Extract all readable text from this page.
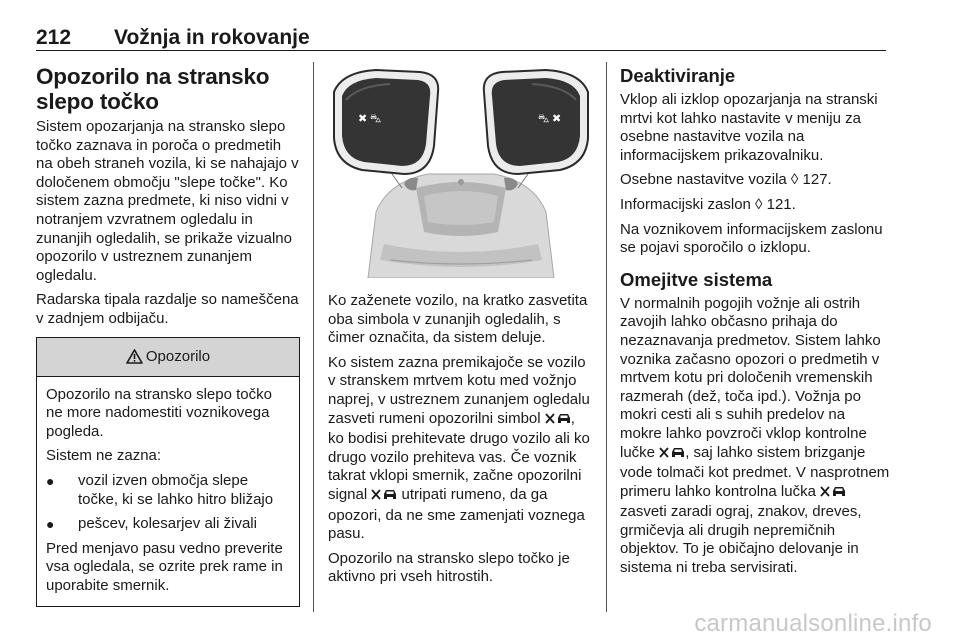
212 Vožnja in rokovanje
Opozorilo na stransko slepo točko
Sistem opozarjanja na stransko slepo točko zaznava in poroča o predmetih na obeh straneh vozila, ki se nahajajo v določenem območju "slepe točke". Ko sistem zazna predmete, ki niso vidni v notranjem vzvratnem ogledalu in zunanjih ogledalih, se prikaže vizualno opozorilo v ustreznem zunanjem ogledalu.
Radarska tipala razdalje so nameščena v zadnjem odbijaču.
Opozorilo
Opozorilo na stransko slepo točko ne more nadomestiti voznikovega pogleda.
Sistem ne zazna:
●	vozil izven območja slepe točke, ki se lahko hitro bližajo
●	pešcev, kolesarjev ali živali
Pred menjavo pasu vedno preverite vsa ogledala, se ozrite prek rame in uporabite smernik.
✖ ⛍	⛍ ✖
Ko zaženete vozilo, na kratko zasvetita oba simbola v zunanjih ogledalih, s čimer označita, da sistem deluje.
Ko sistem zazna premikajoče se vozilo v stranskem mrtvem kotu med vožnjo naprej, v ustreznem zunanjem ogledalu zasveti rumeni opozorilni simbol , ko bodisi prehitevate drugo vozilo ali ko drugo vozilo prehiteva vas. Če voznik takrat vklopi smernik, začne opozorilni signal utripati rumeno, da ga opozori, da ne sme zamenjati voznega pasu.
Opozorilo na stransko slepo točko je aktivno pri vseh hitrostih.
Deaktiviranje
Vklop ali izklop opozarjanja na stranski mrtvi kot lahko nastavite v meniju za osebne nastavitve vozila na informacijskem prikazovalniku.
Osebne nastavitve vozila ◊ 127.
Informacijski zaslon ◊ 121.
Na voznikovem informacijskem zaslonu se pojavi sporočilo o izklopu.
Omejitve sistema
V normalnih pogojih vožnje ali ostrih zavojih lahko občasno prihaja do nezaznavanja predmetov. Sistem lahko voznika začasno opozori o predmetih v mrtvem kotu pri določenih vremenskih razmerah (dež, toča ipd.). Vožnja po mokri cesti ali s suhih predelov na mokre lahko povzroči vklop kontrolne lučke , saj lahko sistem brizganje vode tolmači kot predmet. V nasprotnem primeru lahko kontrolna lučka  zasveti zaradi ograj, znakov, dreves, grmičevja ali drugih nepremičnih objektov. To je običajno delovanje in sistema ni treba servisirati.
carmanualsonline.info
